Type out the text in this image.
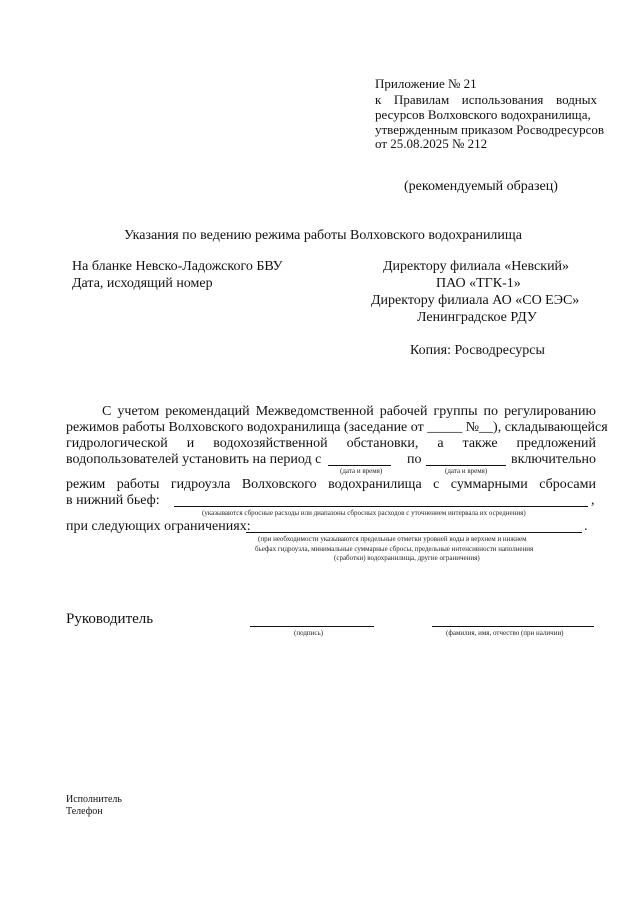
Приложение № 21
к Правилам использования водных
ресурсов Волховского водохранилища,
утвержденным приказом Росводресурсов
от 25.08.2025 № 212
(рекомендуемый образец)
Указания по ведению режима работы Волховского водохранилища
На бланке Невско-Ладожского БВУ
Дата, исходящий номер
Директору филиала «Невский»
ПАО «ТГК-1»
Директору филиала АО «СО ЕЭС»
Ленинградское РДУ
Копия: Росводресурсы
С учетом рекомендаций Межведомственной рабочей группы по регулированию
режимов работы Волховского водохранилища (заседание от _____ №__), складывающейся
гидрологической и водохозяйственной обстановки, а также предложений
водопользователей установить на период с	по	включительно
(дата и время)	(дата и время)
режим работы гидроузла Волховского водохранилища с суммарными сбросами
в нижний бьеф:	,
(указываются сбросные расходы или диапазоны сбросных расходов с уточнением интервала их осреднения)
при следующих ограничениях:	.
(при необходимости указываются предельные отметки уровней воды в верхнем и нижнем
бьефах гидроузла, минимальные суммарные сбросы, предельные интенсивности наполнения
(сработки) водохранилища, другие ограничения)
Руководитель
(подпись)	(фамилия, имя, отчество (при наличии)
Исполнитель
Телефон
